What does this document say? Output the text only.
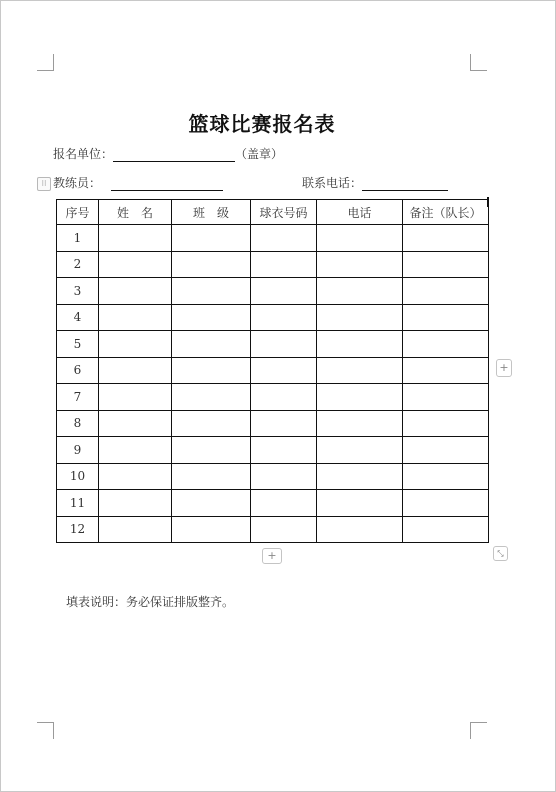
篮球比赛报名表
报名单位：	（盖章）
⁝⁝ 教练员：	联系电话：
序号	姓　名	班　级	球衣号码	电话	备注（队长）
1					
2					
3					
4					
5					
6					
7					
8					
9					
10					
11					
12					
+
+	⤡
填表说明：务必保证排版整齐。
